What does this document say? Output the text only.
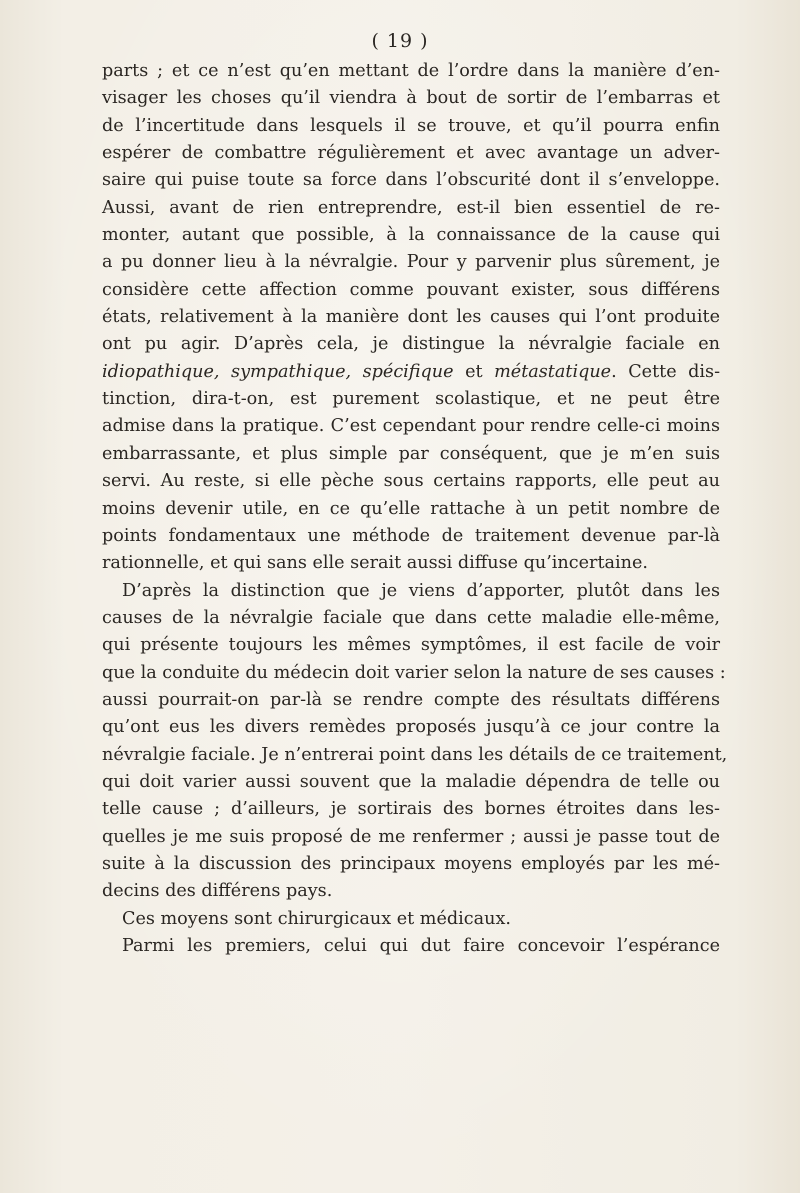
( 19 )
parts ; et ce n’est qu’en mettant de l’ordre dans la manière d’en-
visager les choses qu’il viendra à bout de sortir de l’embarras et
de l’incertitude dans lesquels il se trouve, et qu’il pourra enfin
espérer de combattre régulièrement et avec avantage un adver-
saire qui puise toute sa force dans l’obscurité dont il s’enveloppe.
Aussi, avant de rien entreprendre, est-il bien essentiel de re-
monter, autant que possible, à la connaissance de la cause qui
a pu donner lieu à la névralgie. Pour y parvenir plus sûrement, je
considère cette affection comme pouvant exister, sous différens
états, relativement à la manière dont les causes qui l’ont produite
ont pu agir. D’après cela, je distingue la névralgie faciale en
idiopathique, sympathique, spécifique et métastatique. Cette dis-
tinction, dira-t-on, est purement scolastique, et ne peut être
admise dans la pratique. C’est cependant pour rendre celle-ci moins
embarrassante, et plus simple par conséquent, que je m’en suis
servi. Au reste, si elle pèche sous certains rapports, elle peut au
moins devenir utile, en ce qu’elle rattache à un petit nombre de
points fondamentaux une méthode de traitement devenue par-là
rationnelle, et qui sans elle serait aussi diffuse qu’incertaine.
D’après la distinction que je viens d’apporter, plutôt dans les
causes de la névralgie faciale que dans cette maladie elle-même,
qui présente toujours les mêmes symptômes, il est facile de voir
que la conduite du médecin doit varier selon la nature de ses causes :
aussi pourrait-on par-là se rendre compte des résultats différens
qu’ont eus les divers remèdes proposés jusqu’à ce jour contre la
névralgie faciale. Je n’entrerai point dans les détails de ce traitement,
qui doit varier aussi souvent que la maladie dépendra de telle ou
telle cause ; d’ailleurs, je sortirais des bornes étroites dans les-
quelles je me suis proposé de me renfermer ; aussi je passe tout de
suite à la discussion des principaux moyens employés par les mé-
decins des différens pays.
Ces moyens sont chirurgicaux et médicaux.
Parmi les premiers, celui qui dut faire concevoir l’espérance
